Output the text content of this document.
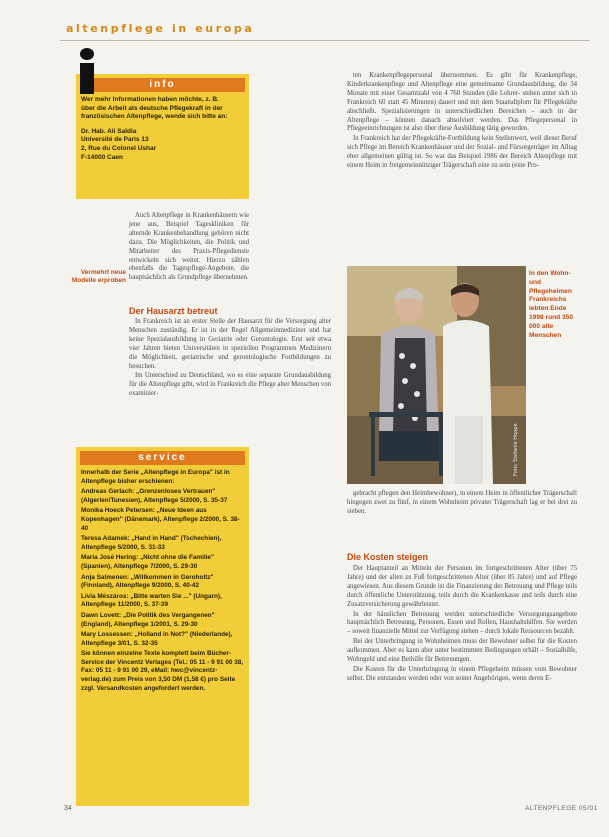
altenpflege in europa
info
Wer mehr Informationen haben möchte, z. B.
über die Arbeit als deutsche Pflegekraft in der
französischen Altenpflege, wende sich bitte an:
Dr. Hab. Ali Saïdia
Université de Paris 13
2, Rue du Colonel Ushar
F-14000 Caen

Auch Altenpflege in Krankenhäusern wie jene aus, Beispiel Tageskliniken für alternde Krankenbehandlung gehören nicht dazu. Die Möglichkeiten, die Politik und Mitarbeiter des Praxis-Pflegedienste entwickeln sich weiter. Hierzu zählen ebenfalls die Tagespflege-Angebote, die hauptsächlich als Grundpflege übernehmen.

Vermehrt neue
Modelle erproben
Der Hausarzt betreut

In Frankreich ist an erster Stelle der Hausarzt für die Versorgung alter Menschen zuständig. Er ist in der Regel Allgemeinmediziner und hat keine Spezialausbildung in Geriatrie oder Gerontologie. Erst seit etwa vier Jahren bieten Universitäten in speziellen Programmen Medizinern die Möglichkeit, geriatrische und gerontologische Fortbildungen zu besuchen.

Im Unterschied zu Deutschland, wo es eine separate Grundausbildung für die Altenpflege gibt, wird in Frankreich die Pflege alter Menschen von examinier-

service
Innerhalb der Serie „Altenpflege in Europa" ist in Altenpflege bisher erschienen:
Andreas Gerlach: „Grenzenloses Vertrauen" (Algerien/Tunesien), Altenpflege 5/2000, S. 35-37
Monika Hoeck Petersen: „Neue Ideen aus Kopenhagen" (Dänemark), Altenpflege 2/2000, S. 38-40
Teresa Adamek: „Hand in Hand" (Tschechien), Altenpflege 5/2000, S. 31-33
Maria José Hering: „Nicht ohne die Familie" (Spanien), Altenpflege 7/2000, S. 29-30
Anja Salmenen: „Willkommen in Geroholtz" (Finnland), Altenpflege 9/2000, S. 40-42
Lívia Mészáros: „Bitte warten Sie ..." (Ungarn), Altenpflege 11/2000, S. 37-39
Dawn Lovett: „Die Politik des Vergangenen" (England), Altenpflege 1/2001, S. 29-30
Mary Lossessen: „Holland in Not?" (Niederlande), Altenpflege 3/01, S. 32-35
Sie können einzelne Texte komplett beim Bücher-Service der Vincentz Verlages (Tel.: 05 11 - 9 91 00 38, Fax: 05 11 - 9 91 00 29, eMail: hwc@vincentz-verlag.de) zum Preis von 3,50 DM (1,58 €) pro Seite zzgl. Versandkosten angefordert werden.

ten Krankenpflegepersonal übernommen. Es gibt für Krankenpflege, Kinderkrankenpflege und Altenpflege eine gemeinsame Grundausbildung, die 34 Monate mit einer Gesamtzahl von 4 760 Stunden (die Lehrer- stehen unter sich in Frankreich 60 statt 45 Minuten) dauert und mit dem Staatsdiplom für Pflegekräfte abschließt. Spezialisierungen in unterschiedlichen Bereichen – auch in der Altenpflege – können danach absolviert werden. Das Pflegepersonal in Pflegeeinrichtungen ist also über diese Ausbildung tätig geworden.

In Frankreich hat der Pflegekräfte-Fortbildung kein Stellenwert, weil dieser Beruf sich Pflege im Bereich Krankenhäuser und der Sozial- und Fürsorgeträger im Alltag eher allgemeinen gültig ist. So war das Beispiel 1986 der Bereich Altenpflege mit einem Heim in freigemeinnütziger Trägerschaft eine zu sein (eine Pro-

Foto: Stefanie Hoppe
In den Wohn- und Pflegeheimen Frankreichs lebten Ende 1998 rund 350 000 alte Menschen

gebracht pflegen den Heimbewohner), in einem Heim in öffentlicher Trägerschaft hingegen zwei zu fünf, in einem Wohnheim privater Trägerschaft lag er bei drei zu sieben.

Die Kosten steigen

Der Hauptanteil an Mitteln der Personen im fortgeschrittenen Alter (über 75 Jahre) und der alten zu Fuß fortgeschrittenen Alter (über 85 Jahre) und auf Pflege angewiesen. Aus diesem Grunde ist die Finanzierung der Betreuung und Pflege teils durch öffentliche Unterstützung, teils durch die Krankenkasse und teils durch eine Zusatzversicherung gewährleistet.

In der häuslichen Betreuung werden unterschiedliche Versorgungsangebote hauptsächlich Betreuung, Personen, Essen und Rollen, Haushaltshilfen. Sie werden – soweit finanzielle Mittel zur Verfügung stehen – durch lokale Ressourcen bezahlt.

Bei der Unterbringung in Wohnheimen muss der Bewohner selbst für die Kosten aufkommen. Aber es kann aber unter bestimmten Bedingungen erhält – Sozialhilfe, Wohngeld und eine Beihilfe für Betreuungen.

Die Kosten für die Unterbringung in einem Pflegeheim müssen vom Bewohner selbst. Die entstanden werden oder von seiner Angehörigen, wenn deren E-

34	ALTENPFLEGE 05/01
